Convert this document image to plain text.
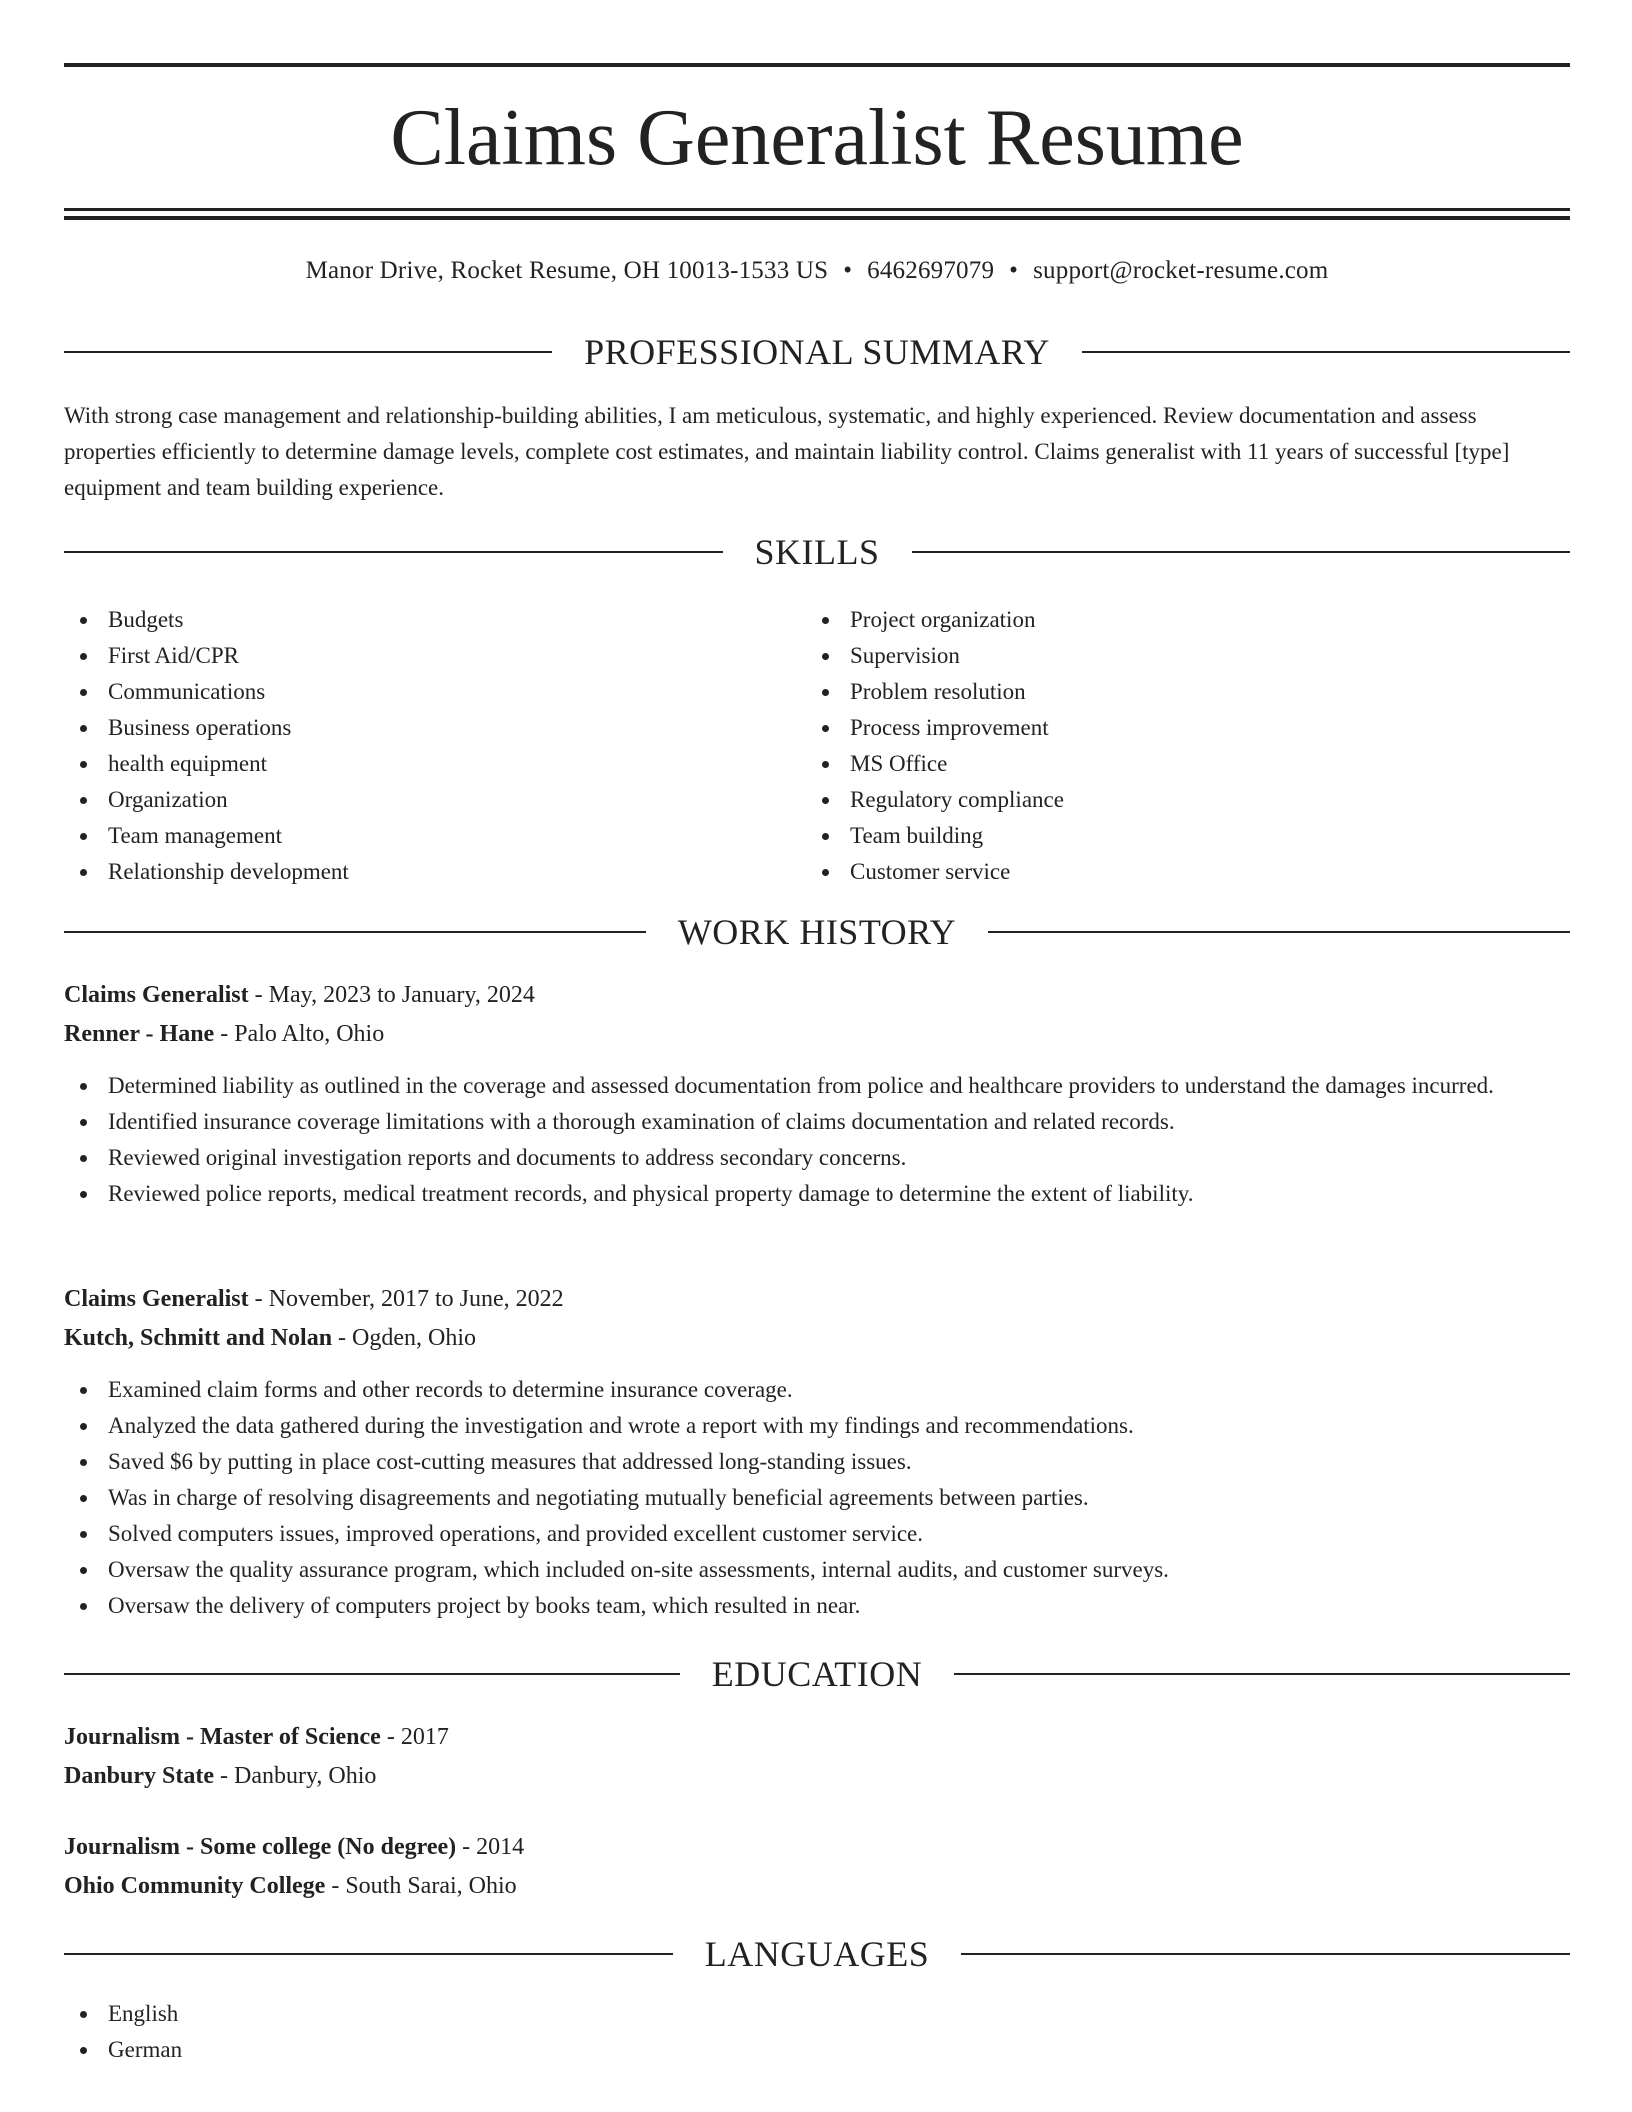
Claims Generalist Resume
Manor Drive, Rocket Resume, OH 10013-1533 US • 6462697079 • support@rocket-resume.com
PROFESSIONAL SUMMARY

With strong case management and relationship-building abilities, I am meticulous, systematic, and highly experienced. Review documentation and assess properties efficiently to determine damage levels, complete cost estimates, and maintain liability control. Claims generalist with 11 years of successful [type] equipment and team building experience.

SKILLS
Budgets
First Aid/CPR
Communications
Business operations
health equipment
Organization
Team management
Relationship development
Project organization
Supervision
Problem resolution
Process improvement
MS Office
Regulatory compliance
Team building
Customer service
WORK HISTORY
Claims Generalist - May, 2023 to January, 2024
Renner - Hane - Palo Alto, Ohio
Determined liability as outlined in the coverage and assessed documentation from police and healthcare providers to understand the damages incurred.
Identified insurance coverage limitations with a thorough examination of claims documentation and related records.
Reviewed original investigation reports and documents to address secondary concerns.
Reviewed police reports, medical treatment records, and physical property damage to determine the extent of liability.
Claims Generalist - November, 2017 to June, 2022
Kutch, Schmitt and Nolan - Ogden, Ohio
Examined claim forms and other records to determine insurance coverage.
Analyzed the data gathered during the investigation and wrote a report with my findings and recommendations.
Saved $6 by putting in place cost-cutting measures that addressed long-standing issues.
Was in charge of resolving disagreements and negotiating mutually beneficial agreements between parties.
Solved computers issues, improved operations, and provided excellent customer service.
Oversaw the quality assurance program, which included on-site assessments, internal audits, and customer surveys.
Oversaw the delivery of computers project by books team, which resulted in near.
EDUCATION
Journalism - Master of Science - 2017
Danbury State - Danbury, Ohio
Journalism - Some college (No degree) - 2014
Ohio Community College - South Sarai, Ohio
LANGUAGES
English
German
